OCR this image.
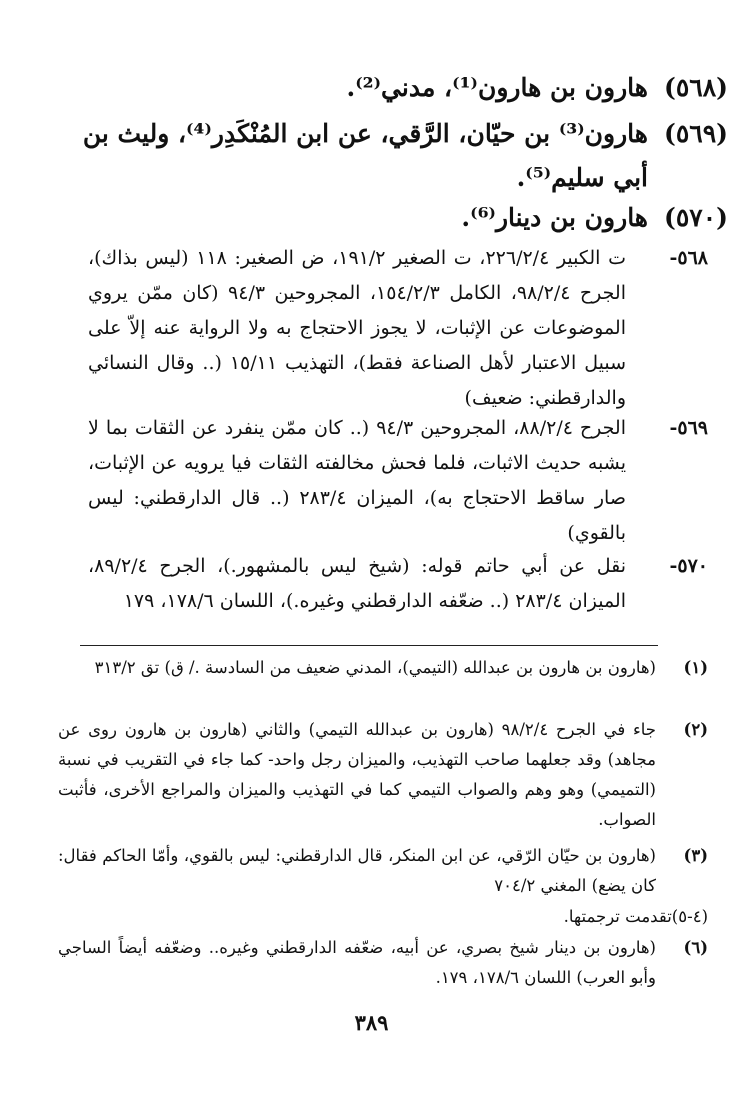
(٥٦٨)
هارون بن هارون⁽¹⁾، مدني⁽²⁾.
(٥٦٩)
هارون⁽³⁾ بن حيّان، الرَّقي، عن ابن المُنْكَدِر⁽⁴⁾، وليث بن
أبي سليم⁽⁵⁾.
(٥٧٠)
هارون بن دينار⁽⁶⁾.
٥٦٨-
ت الكبير ٢٢٦/٢/٤، ت الصغير ١٩١/٢، ض الصغير: ١١٨ (ليس بذاك)، الجرح ٩٨/٢/٤، الكامل ١٥٤/٢/٣، المجروحين ٩٤/٣ (كان ممّن يروي الموضوعات عن الإثبات، لا يجوز الاحتجاج به ولا الرواية عنه إلاّ على سبيل الاعتبار لأهل الصناعة فقط)، التهذيب ١٥/١١ (.. وقال النسائي والدارقطني: ضعيف)
٥٦٩-
الجرح ٨٨/٢/٤، المجروحين ٩٤/٣ (.. كان ممّن ينفرد عن الثقات بما لا يشبه حديث الاثبات، فلما فحش مخالفته الثقات فيا يرويه عن الإثبات، صار ساقط الاحتجاج به)، الميزان ٢٨٣/٤ (.. قال الدارقطني: ليس بالقوي)
٥٧٠-
نقل عن أبي حاتم قوله: (شيخ ليس بالمشهور.)، الجرح ٨٩/٢/٤، الميزان ٢٨٣/٤ (.. ضعّفه الدارقطني وغيره.)، اللسان ١٧٨/٦، ١٧٩
(١)
(هارون بن هارون بن عبدالله (التيمي)، المدني ضعيف من السادسة ./ ق) تق ٣١٣/٢
(٢)
جاء في الجرح ٩٨/٢/٤ (هارون بن عبدالله التيمي) والثاني (هارون بن هارون روى عن مجاهد) وقد جعلهما صاحب التهذيب، والميزان رجل واحد- كما جاء في التقريب في نسبة (التميمي) وهو وهم والصواب التيمي كما في التهذيب والميزان والمراجع الأخرى، فأثبت الصواب.
(٣)
(هارون بن حيّان الرّقي، عن ابن المنكر، قال الدارقطني: ليس بالقوي، وأمّا الحاكم فقال: كان يضع) المغني ٧٠٤/٢
(٤-٥)تقدمت ترجمتها.
(٦)
(هارون بن دينار شيخ بصري، عن أبيه، ضعّفه الدارقطني وغيره.. وضعّفه أيضاً الساجي وأبو العرب) اللسان ١٧٨/٦، ١٧٩.
٣٨٩
